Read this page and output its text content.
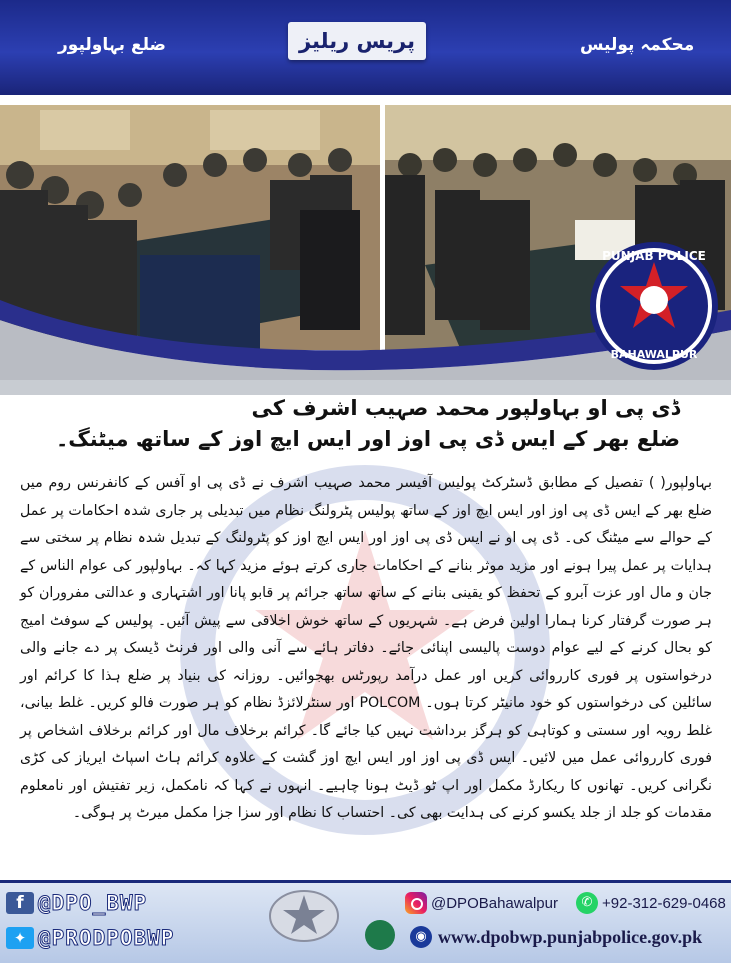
ضلع بہاولپور	پریس ریلیز	محکمہ پولیس
PUNJAB POLICE
BAHAWALPUR
ڈی پی او بہاولپور محمد صہیب اشرف کی
ضلع بھر کے ایس ڈی پی اوز اور ایس ایچ اوز کے ساتھ میٹنگ۔
بہاولپور( ) تفصیل کے مطابق ڈسٹرکٹ پولیس آفیسر محمد صہیب اشرف نے ڈی پی او آفس کے کانفرنس روم میں ضلع بھر کے ایس ڈی پی اوز اور ایس ایچ اوز کے ساتھ پولیس پٹرولنگ نظام میں تبدیلی پر جاری شدہ احکامات پر عمل کے حوالے سے میٹنگ کی۔ ڈی پی او نے ایس ڈی پی اوز اور ایس ایچ اوز کو پٹرولنگ کے تبدیل شدہ نظام پر سختی سے ہدایات پر عمل پیرا ہونے اور مزید موثر بنانے کے احکامات جاری کرتے ہوئے مزید کہا کہ۔ بہاولپور کی عوام الناس کے جان و مال اور عزت آبرو کے تحفظ کو یقینی بنانے کے ساتھ ساتھ جرائم پر قابو پانا اور اشتہاری و عدالتی مفروران کو ہر صورت گرفتار کرنا ہمارا اولین فرض ہے۔ شہریوں کے ساتھ خوش اخلاقی سے پیش آئیں۔ پولیس کے سوفٹ امیج کو بحال کرنے کے لیے عوام دوست پالیسی اپنائی جائے۔ دفاتر ہائے سے آنی والی اور فرنٹ ڈیسک پر دے جانے والی درخواستوں پر فوری کارروائی کریں اور عمل درآمد رپورٹس بھجوائیں۔ روزانہ کی بنیاد پر ضلع ہذا کا کرائم اور سائلین کی درخواستوں کو خود مانیٹر کرتا ہوں۔ POLCOM اور سنٹرلائزڈ نظام کو ہر صورت فالو کریں۔ غلط بیانی، غلط رویہ اور سستی و کوتاہی کو ہرگز برداشت نہیں کیا جائے گا۔ کرائم برخلاف مال اور کرائم برخلاف اشخاص پر فوری کارروائی عمل میں لائیں۔ ایس ڈی پی اوز اور ایس ایچ اوز گشت کے علاوہ کرائم ہاٹ اسپاٹ ایریاز کی کڑی نگرانی کریں۔ تھانوں کا ریکارڈ مکمل اور اپ ٹو ڈیٹ ہونا چاہیے۔ انہوں نے کہا کہ نامکمل، زیر تفتیش اور نامعلوم مقدمات کو جلد از جلد یکسو کرنے کی ہدایت بھی کی۔ احتساب کا نظام اور سزا جزا مکمل میرٹ پر ہوگی۔
f @DPO_BWP
✦ @PRODPOBWP
@DPOBahawalpur	✆ +92-312-629-0468
◉ www.dpobwp.punjabpolice.gov.pk
